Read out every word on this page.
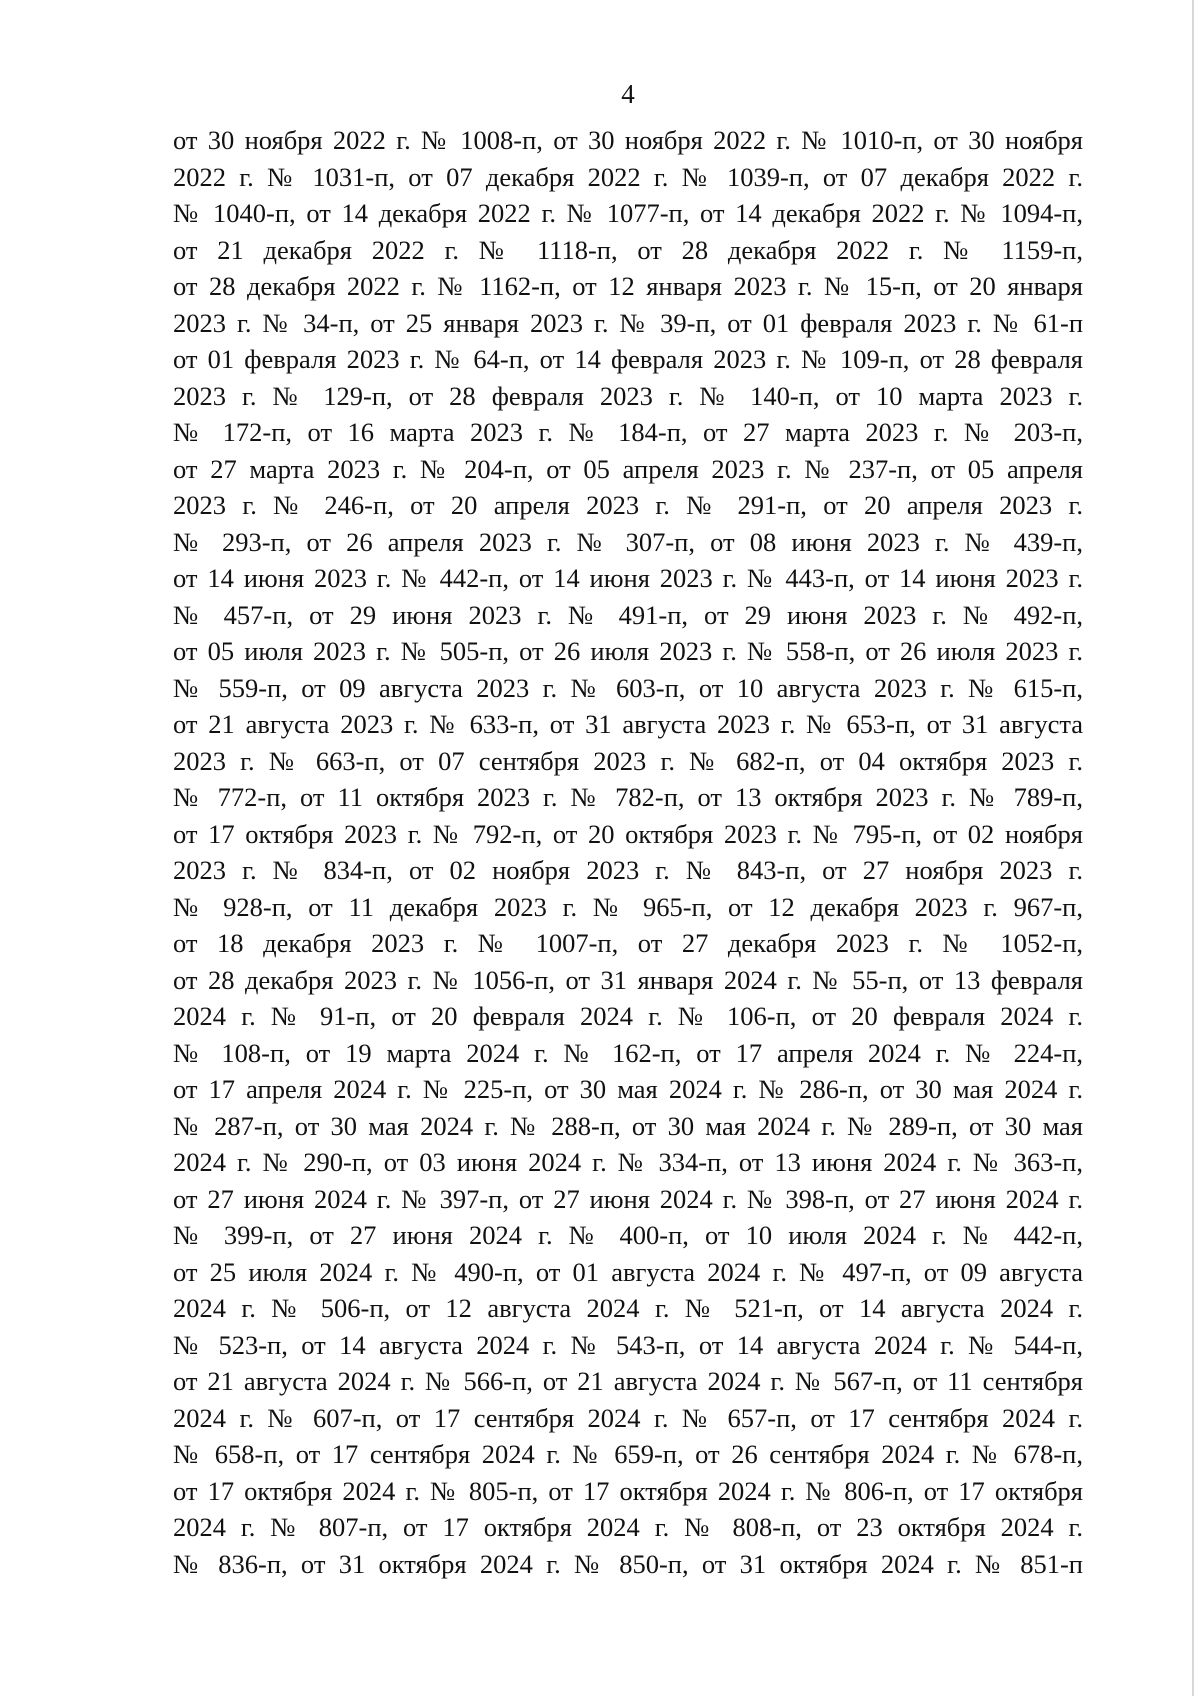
4
от 30 ноября 2022 г. № 1008-п, от 30 ноября 2022 г. № 1010-п, от 30 ноября
2022 г. № 1031-п, от 07 декабря 2022 г. № 1039-п, от 07 декабря 2022 г.
№ 1040-п, от 14 декабря 2022 г. № 1077-п, от 14 декабря 2022 г. № 1094-п,
от 21 декабря 2022 г. № 1118-п, от 28 декабря 2022 г. № 1159-п,
от 28 декабря 2022 г. № 1162-п, от 12 января 2023 г. № 15-п, от 20 января
2023 г. № 34-п, от 25 января 2023 г. № 39-п, от 01 февраля 2023 г. № 61-п
от 01 февраля 2023 г. № 64-п, от 14 февраля 2023 г. № 109-п, от 28 февраля
2023 г. № 129-п, от 28 февраля 2023 г. № 140-п, от 10 марта 2023 г.
№ 172-п, от 16 марта 2023 г. № 184-п, от 27 марта 2023 г. № 203-п,
от 27 марта 2023 г. № 204-п, от 05 апреля 2023 г. № 237-п, от 05 апреля
2023 г. № 246-п, от 20 апреля 2023 г. № 291-п, от 20 апреля 2023 г.
№ 293-п, от 26 апреля 2023 г. № 307-п, от 08 июня 2023 г. № 439-п,
от 14 июня 2023 г. № 442-п, от 14 июня 2023 г. № 443-п, от 14 июня 2023 г.
№ 457-п, от 29 июня 2023 г. № 491-п, от 29 июня 2023 г. № 492-п,
от 05 июля 2023 г. № 505-п, от 26 июля 2023 г. № 558-п, от 26 июля 2023 г.
№ 559-п, от 09 августа 2023 г. № 603-п, от 10 августа 2023 г. № 615-п,
от 21 августа 2023 г. № 633-п, от 31 августа 2023 г. № 653-п, от 31 августа
2023 г. № 663-п, от 07 сентября 2023 г. № 682-п, от 04 октября 2023 г.
№ 772-п, от 11 октября 2023 г. № 782-п, от 13 октября 2023 г. № 789-п,
от 17 октября 2023 г. № 792-п, от 20 октября 2023 г. № 795-п, от 02 ноября
2023 г. № 834-п, от 02 ноября 2023 г. № 843-п, от 27 ноября 2023 г.
№ 928-п, от 11 декабря 2023 г. № 965-п, от 12 декабря 2023 г. 967-п,
от 18 декабря 2023 г. № 1007-п, от 27 декабря 2023 г. № 1052-п,
от 28 декабря 2023 г. № 1056-п, от 31 января 2024 г. № 55-п, от 13 февраля
2024 г. № 91-п, от 20 февраля 2024 г. № 106-п, от 20 февраля 2024 г.
№ 108-п, от 19 марта 2024 г. № 162-п, от 17 апреля 2024 г. № 224-п,
от 17 апреля 2024 г. № 225-п, от 30 мая 2024 г. № 286-п, от 30 мая 2024 г.
№ 287-п, от 30 мая 2024 г. № 288-п, от 30 мая 2024 г. № 289-п, от 30 мая
2024 г. № 290-п, от 03 июня 2024 г. № 334-п, от 13 июня 2024 г. № 363-п,
от 27 июня 2024 г. № 397-п, от 27 июня 2024 г. № 398-п, от 27 июня 2024 г.
№ 399-п, от 27 июня 2024 г. № 400-п, от 10 июля 2024 г. № 442-п,
от 25 июля 2024 г. № 490-п, от 01 августа 2024 г. № 497-п, от 09 августа
2024 г. № 506-п, от 12 августа 2024 г. № 521-п, от 14 августа 2024 г.
№ 523-п, от 14 августа 2024 г. № 543-п, от 14 августа 2024 г. № 544-п,
от 21 августа 2024 г. № 566-п, от 21 августа 2024 г. № 567-п, от 11 сентября
2024 г. № 607-п, от 17 сентября 2024 г. № 657-п, от 17 сентября 2024 г.
№ 658-п, от 17 сентября 2024 г. № 659-п, от 26 сентября 2024 г. № 678-п,
от 17 октября 2024 г. № 805-п, от 17 октября 2024 г. № 806-п, от 17 октября
2024 г. № 807-п, от 17 октября 2024 г. № 808-п, от 23 октября 2024 г.
№ 836-п, от 31 октября 2024 г. № 850-п, от 31 октября 2024 г. № 851-п
